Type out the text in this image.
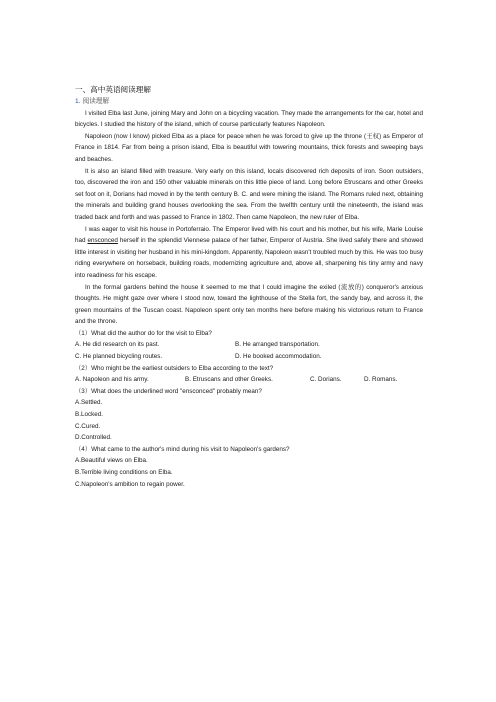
一、高中英语阅读理解
1. 阅读理解

I visited Elba last June, joining Mary and John on a bicycling vacation. They made the arrangements for the car, hotel and bicycles. I studied the history of the island, which of course particularly features Napoleon.

Napoleon (now I know) picked Elba as a place for peace when he was forced to give up the throne (王权) as Emperor of France in 1814. Far from being a prison island, Elba is beautiful with towering mountains, thick forests and sweeping bays and beaches.

It is also an island filled with treasure. Very early on this island, locals discovered rich deposits of iron. Soon outsiders, too, discovered the iron and 150 other valuable minerals on this little piece of land. Long before Etruscans and other Greeks set foot on it, Dorians had moved in by the tenth century B. C. and were mining the island. The Romans ruled next, obtaining the minerals and building grand houses overlooking the sea. From the twelfth century until the nineteenth, the island was traded back and forth and was passed to France in 1802. Then came Napoleon, the new ruler of Elba.

I was eager to visit his house in Portoferraio. The Emperor lived with his court and his mother, but his wife, Marie Louise had ensconced herself in the splendid Viennese palace of her father, Emperor of Austria. She lived safely there and showed little interest in visiting her husband in his mini-kingdom. Apparently, Napoleon wasn't troubled much by this. He was too busy riding everywhere on horseback, building roads, modernizing agriculture and, above all, sharpening his tiny army and navy into readiness for his escape.

In the formal gardens behind the house it seemed to me that I could imagine the exiled (流放的) conqueror's anxious thoughts. He might gaze over where I stood now, toward the lighthouse of the Stella fort, the sandy bay, and across it, the green mountains of the Tuscan coast. Napoleon spent only ten months here before making his victorious return to France and the throne.

（1）What did the author do for the visit to Elba?
A. He did research on its past.	B. He arranged transportation.
C. He planned bicycling routes.	D. He booked accommodation.
（2）Who might be the earliest outsiders to Elba according to the text?
A. Napoleon and his army.	B. Etruscans and other Greeks.	C. Dorians.	D. Romans.
（3）What does the underlined word "ensconced" probably mean?
A.Settled.
B.Locked.
C.Cured.
D.Controlled.
（4）What came to the author's mind during his visit to Napoleon's gardens?
A.Beautiful views on Elba.
B.Terrible living conditions on Elba.
C.Napoleon's ambition to regain power.
